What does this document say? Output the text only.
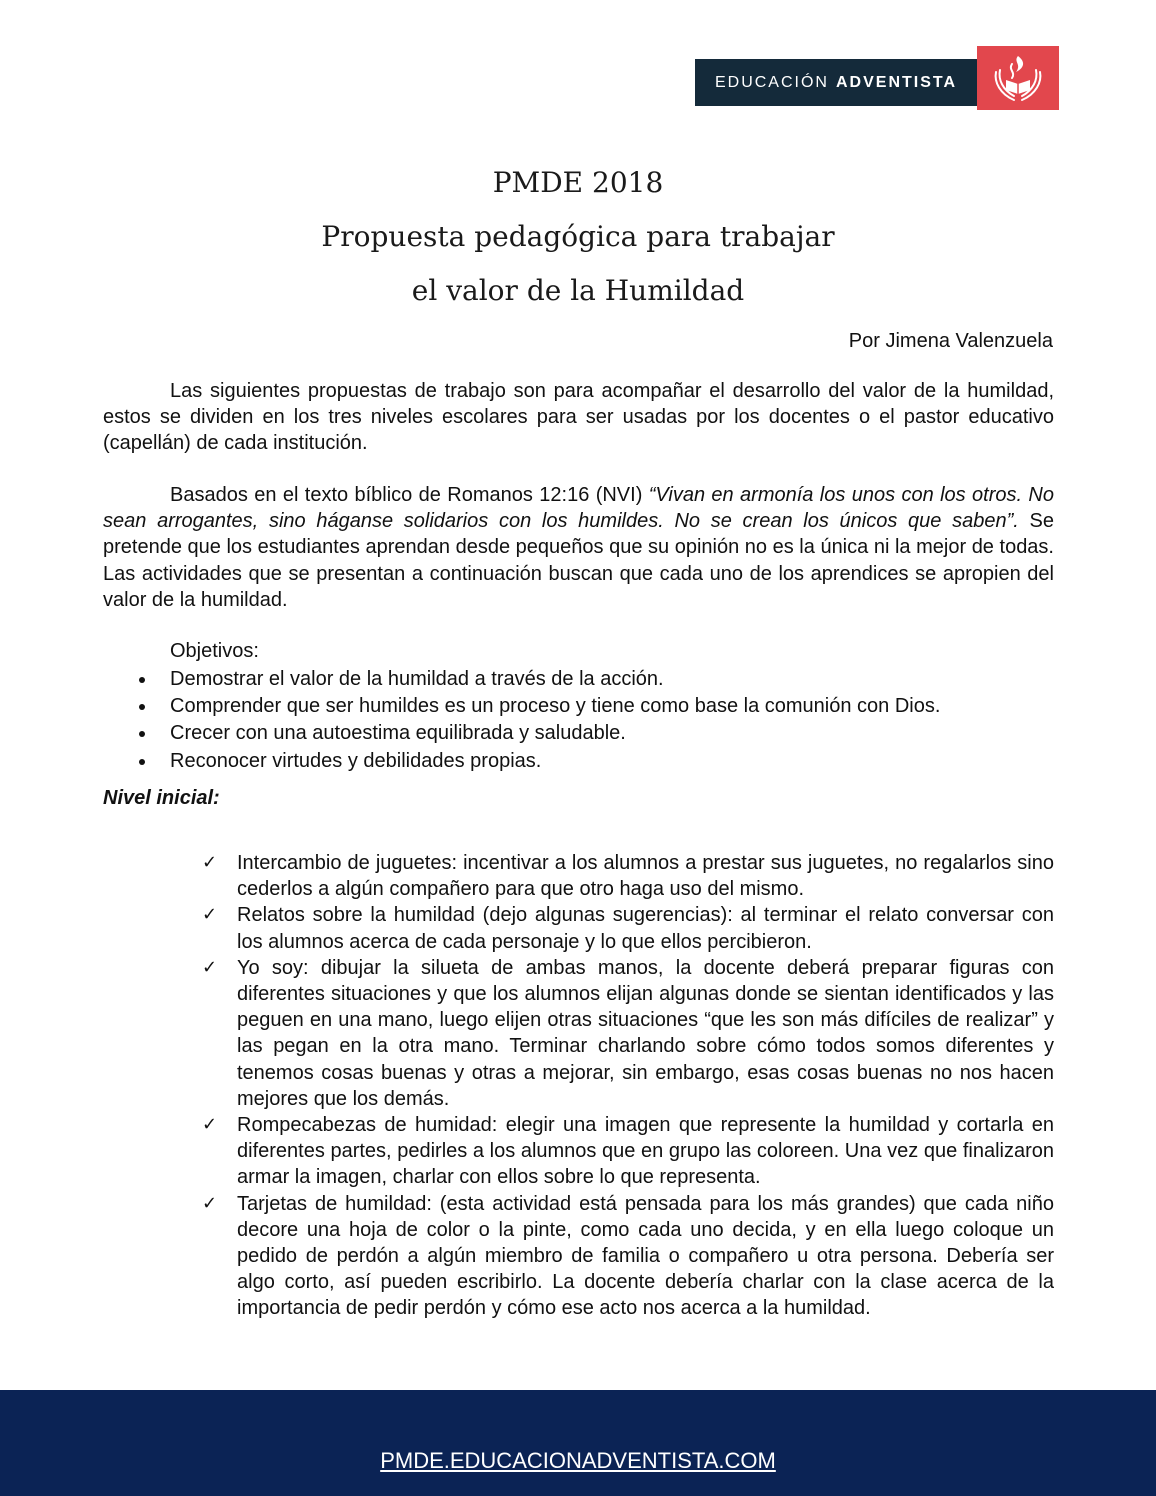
EDUCACIÓN ADVENTISTA
PMDE 2018
Propuesta pedagógica para trabajar
el valor de la Humildad
Por Jimena Valenzuela

Las siguientes propuestas de trabajo son para acompañar el desarrollo del valor de la humildad, estos se dividen en los tres niveles escolares para ser usadas por los docentes o el pastor educativo (capellán) de cada institución.

Basados en el texto bíblico de Romanos 12:16 (NVI) “Vivan en armonía los unos con los otros. No sean arrogantes, sino háganse solidarios con los humildes. No se crean los únicos que saben”. Se pretende que los estudiantes aprendan desde pequeños que su opinión no es la única ni la mejor de todas. Las actividades que se presentan a continuación buscan que cada uno de los aprendices se apropien del valor de la humildad.

Objetivos:
Demostrar el valor de la humildad a través de la acción.
Comprender que ser humildes es un proceso y tiene como base la comunión con Dios.
Crecer con una autoestima equilibrada y saludable.
Reconocer virtudes y debilidades propias.
Nivel inicial:
✓ Intercambio de juguetes: incentivar a los alumnos a prestar sus juguetes, no regalarlos sino cederlos a algún compañero para que otro haga uso del mismo.
✓ Relatos sobre la humildad (dejo algunas sugerencias): al terminar el relato conversar con los alumnos acerca de cada personaje y lo que ellos percibieron.
✓ Yo soy: dibujar la silueta de ambas manos, la docente deberá preparar figuras con diferentes situaciones y que los alumnos elijan algunas donde se sientan identificados y las peguen en una mano, luego elijen otras situaciones “que les son más difíciles de realizar” y las pegan en la otra mano. Terminar charlando sobre cómo todos somos diferentes y tenemos cosas buenas y otras a mejorar, sin embargo, esas cosas buenas no nos hacen mejores que los demás.
✓ Rompecabezas de humidad: elegir una imagen que represente la humildad y cortarla en diferentes partes, pedirles a los alumnos que en grupo las coloreen. Una vez que finalizaron armar la imagen, charlar con ellos sobre lo que representa.
✓ Tarjetas de humildad: (esta actividad está pensada para los más grandes) que cada niño decore una hoja de color o la pinte, como cada uno decida, y en ella luego coloque un pedido de perdón a algún miembro de familia o compañero u otra persona. Debería ser algo corto, así pueden escribirlo. La docente debería charlar con la clase acerca de la importancia de pedir perdón y cómo ese acto nos acerca a la humildad.
PMDE.EDUCACIONADVENTISTA.COM
